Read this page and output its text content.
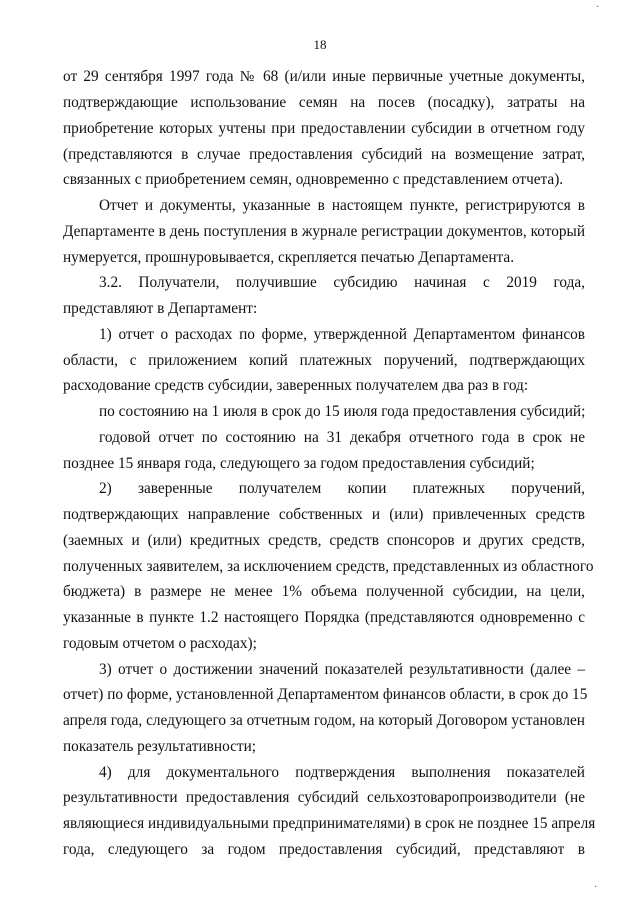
18
от 29 сентября 1997 года № 68 (и/или иные первичные учетные документы,
подтверждающие использование семян на посев (посадку), затраты на
приобретение которых учтены при предоставлении субсидии в отчетном году
(представляются в случае предоставления субсидий на возмещение затрат,
связанных с приобретением семян, одновременно с представлением отчета).
Отчет и документы, указанные в настоящем пункте, регистрируются в
Департаменте в день поступления в журнале регистрации документов, который
нумеруется, прошнуровывается, скрепляется печатью Департамента.
3.2. Получатели, получившие субсидию начиная с 2019 года,
представляют в Департамент:
1) отчет о расходах по форме, утвержденной Департаментом финансов
области, с приложением копий платежных поручений, подтверждающих
расходование средств субсидии, заверенных получателем два раз в год:
по состоянию на 1 июля в срок до 15 июля года предоставления субсидий;
годовой отчет по состоянию на 31 декабря отчетного года в срок не
позднее 15 января года, следующего за годом предоставления субсидий;
2) заверенные получателем копии платежных поручений,
подтверждающих направление собственных и (или) привлеченных средств
(заемных и (или) кредитных средств, средств спонсоров и других средств,
полученных заявителем, за исключением средств, представленных из областного
бюджета) в размере не менее 1% объема полученной субсидии, на цели,
указанные в пункте 1.2 настоящего Порядка (представляются одновременно с
годовым отчетом о расходах);
3) отчет о достижении значений показателей результативности (далее –
отчет) по форме, установленной Департаментом финансов области, в срок до 15
апреля года, следующего за отчетным годом, на который Договором установлен
показатель результативности;
4) для документального подтверждения выполнения показателей
результативности предоставления субсидий сельхозтоваропроизводители (не
являющиеся индивидуальными предпринимателями) в срок не позднее 15 апреля
года, следующего за годом предоставления субсидий, представляют в
·
·
